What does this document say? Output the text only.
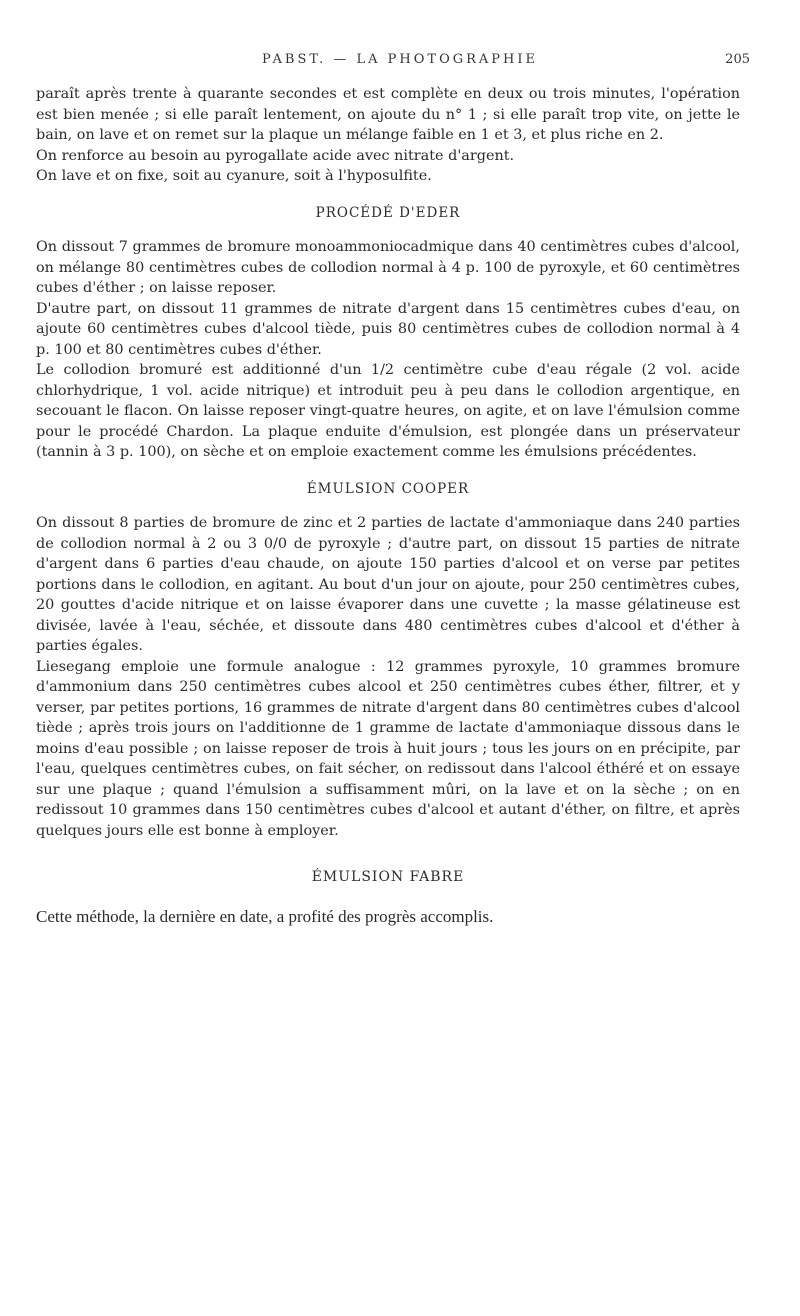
PABST. — LA PHOTOGRAPHIE	205

paraît après trente à quarante secondes et est complète en deux ou trois minutes, l'opération est bien menée ; si elle paraît lentement, on ajoute du n° 1 ; si elle paraît trop vite, on jette le bain, on lave et on remet sur la plaque un mélange faible en 1 et 3, et plus riche en 2.

On renforce au besoin au pyrogallate acide avec nitrate d'argent.

On lave et on fixe, soit au cyanure, soit à l'hyposulfite.

PROCÉDÉ D'EDER

On dissout 7 grammes de bromure monoammoniocadmique dans 40 centimètres cubes d'alcool, on mélange 80 centimètres cubes de collodion normal à 4 p. 100 de pyroxyle, et 60 centimètres cubes d'éther ; on laisse reposer.

D'autre part, on dissout 11 grammes de nitrate d'argent dans 15 centimètres cubes d'eau, on ajoute 60 centimètres cubes d'alcool tiède, puis 80 centimètres cubes de collodion normal à 4 p. 100 et 80 centimètres cubes d'éther.

Le collodion bromuré est additionné d'un 1/2 centimètre cube d'eau régale (2 vol. acide chlorhydrique, 1 vol. acide nitrique) et introduit peu à peu dans le collodion argentique, en secouant le flacon. On laisse reposer vingt-quatre heures, on agite, et on lave l'émulsion comme pour le procédé Chardon. La plaque enduite d'émulsion, est plongée dans un préservateur (tannin à 3 p. 100), on sèche et on emploie exactement comme les émulsions précédentes.

ÉMULSION COOPER

On dissout 8 parties de bromure de zinc et 2 parties de lactate d'ammoniaque dans 240 parties de collodion normal à 2 ou 3 0/0 de pyroxyle ; d'autre part, on dissout 15 parties de nitrate d'argent dans 6 parties d'eau chaude, on ajoute 150 parties d'alcool et on verse par petites portions dans le collodion, en agitant. Au bout d'un jour on ajoute, pour 250 centimètres cubes, 20 gouttes d'acide nitrique et on laisse évaporer dans une cuvette ; la masse gélatineuse est divisée, lavée à l'eau, séchée, et dissoute dans 480 centimètres cubes d'alcool et d'éther à parties égales.

Liesegang emploie une formule analogue : 12 grammes pyroxyle, 10 grammes bromure d'ammonium dans 250 centimètres cubes alcool et 250 centimètres cubes éther, filtrer, et y verser, par petites portions, 16 grammes de nitrate d'argent dans 80 centimètres cubes d'alcool tiède ; après trois jours on l'additionne de 1 gramme de lactate d'ammoniaque dissous dans le moins d'eau possible ; on laisse reposer de trois à huit jours ; tous les jours on en précipite, par l'eau, quelques centimètres cubes, on fait sécher, on redissout dans l'alcool éthéré et on essaye sur une plaque ; quand l'émulsion a suffisamment mûri, on la lave et on la sèche ; on en redissout 10 grammes dans 150 centimètres cubes d'alcool et autant d'éther, on filtre, et après quelques jours elle est bonne à employer.

ÉMULSION FABRE

Cette méthode, la dernière en date, a profité des progrès accomplis.
